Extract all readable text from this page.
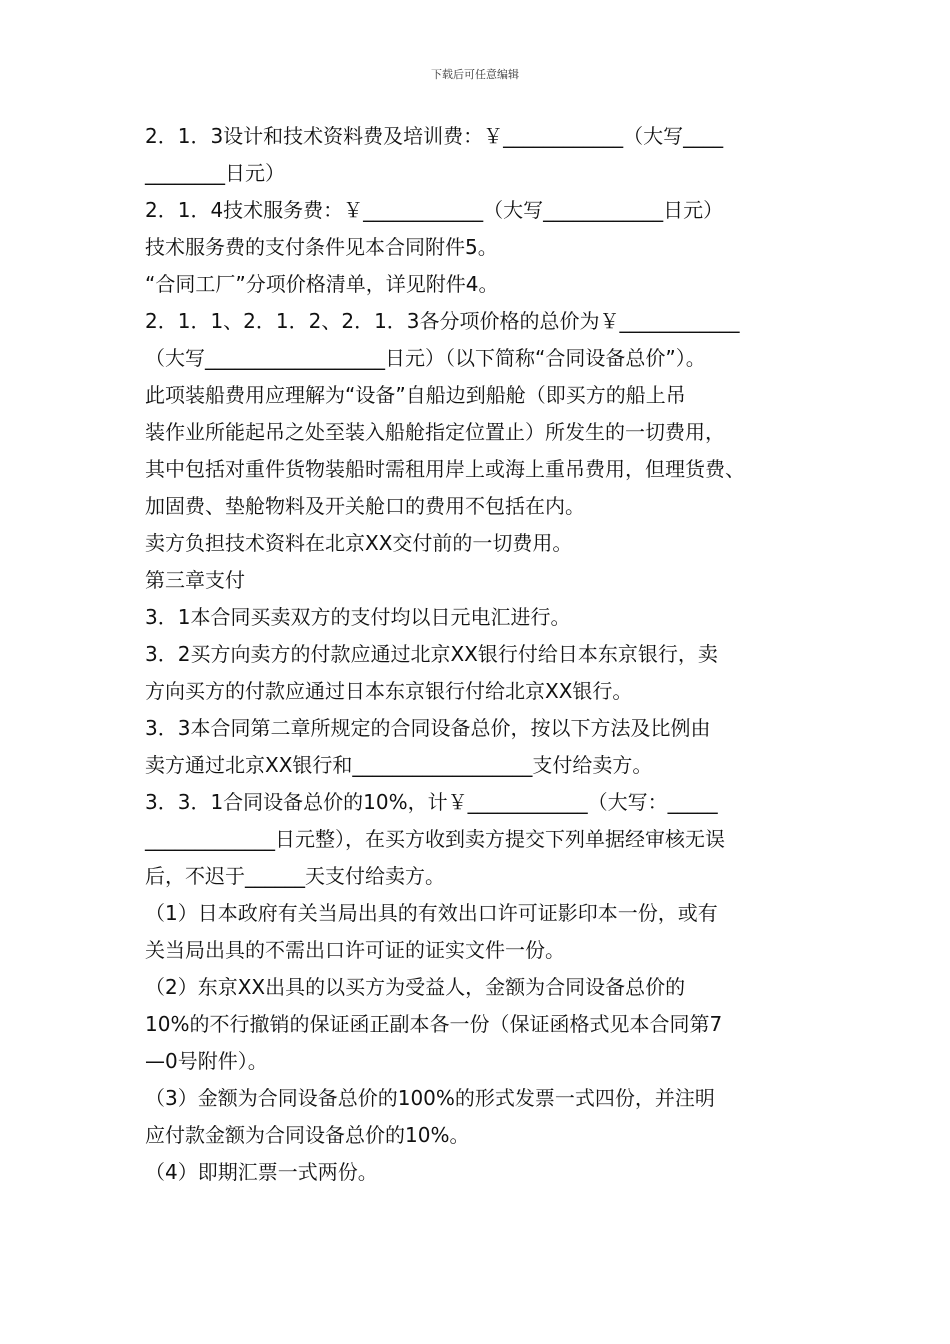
下载后可任意编辑
2．1．3设计和技术资料费及培训费：￥____________（大写____
________日元）
2．1．4技术服务费：￥____________（大写____________日元）
技术服务费的支付条件见本合同附件5。
“合同工厂”分项价格清单，详见附件4。
2．1．1、2．1．2、2．1．3各分项价格的总价为￥____________
（大写__________________日元）（以下简称“合同设备总价”）。
此项装船费用应理解为“设备”自船边到船舱（即买方的船上吊
装作业所能起吊之处至装入船舱指定位置止）所发生的一切费用，
其中包括对重件货物装船时需租用岸上或海上重吊费用，但理货费、
加固费、垫舱物料及开关舱口的费用不包括在内。
卖方负担技术资料在北京XX交付前的一切费用。
第三章支付
3．1本合同买卖双方的支付均以日元电汇进行。
3．2买方向卖方的付款应通过北京XX银行付给日本东京银行，卖
方向买方的付款应通过日本东京银行付给北京XX银行。
3．3本合同第二章所规定的合同设备总价，按以下方法及比例由
卖方通过北京XX银行和__________________支付给卖方。
3．3．1合同设备总价的10%，计￥____________（大写：_____
_____________日元整），在买方收到卖方提交下列单据经审核无误
后，不迟于______天支付给卖方。
（1）日本政府有关当局出具的有效出口许可证影印本一份，或有
关当局出具的不需出口许可证的证实文件一份。
（2）东京XX出具的以买方为受益人，金额为合同设备总价的
10%的不行撤销的保证函正副本各一份（保证函格式见本合同第7
—0号附件）。
（3）金额为合同设备总价的100%的形式发票一式四份，并注明
应付款金额为合同设备总价的10%。
（4）即期汇票一式两份。
